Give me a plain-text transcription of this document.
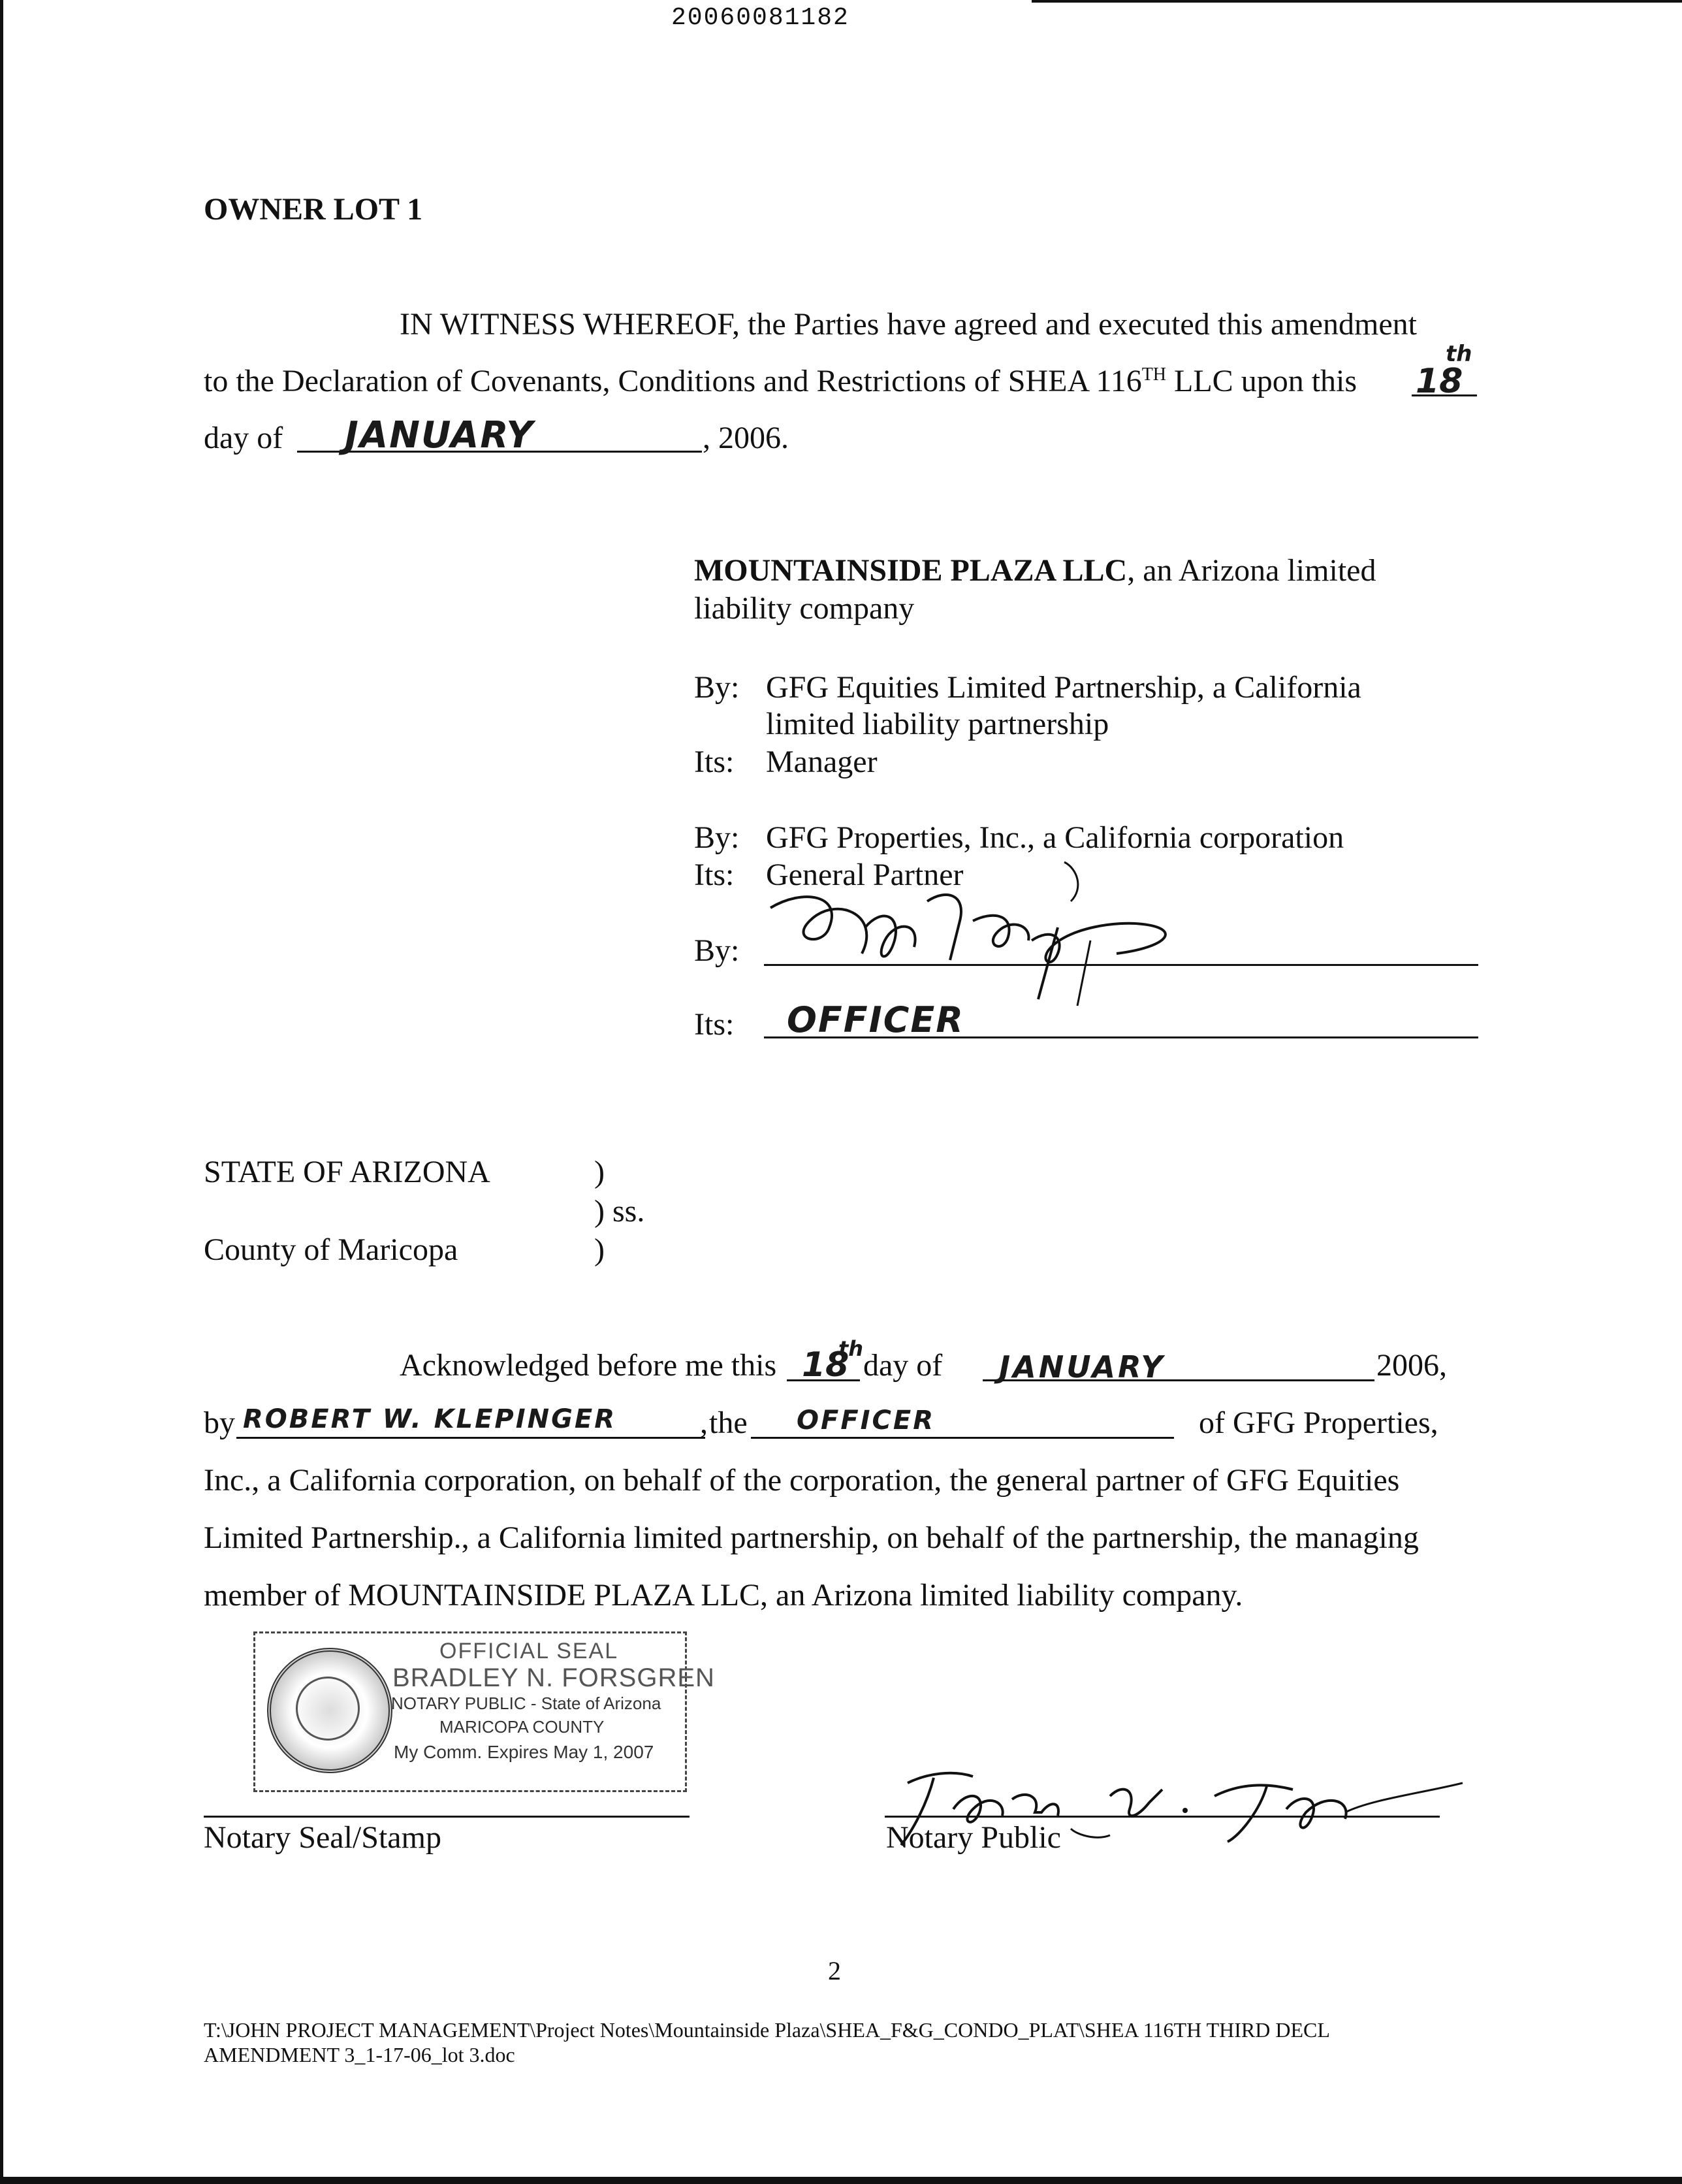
20060081182
OWNER LOT 1
IN WITNESS WHEREOF, the Parties have agreed and executed this amendment
to the Declaration of Covenants, Conditions and Restrictions of SHEA 116TH LLC upon this 18
th
day of JANUARY	, 2006.
MOUNTAINSIDE PLAZA LLC, an Arizona limited
liability company
By: GFG Equities Limited Partnership, a California
limited liability partnership
Its: Manager
By: GFG Properties, Inc., a California corporation
Its: General Partner
By:
Its: OFFICER
STATE OF ARIZONA	)
) ss.
County of Maricopa	)
Acknowledged before me this 18
th day of JANUARY	2006,
by ROBERT W. KLEPINGER	, the OFFICER	of GFG Properties,
Inc., a California corporation, on behalf of the corporation, the general partner of GFG Equities
Limited Partnership., a California limited partnership, on behalf of the partnership, the managing
member of MOUNTAINSIDE PLAZA LLC, an Arizona limited liability company.
OFFICIAL SEAL
BRADLEY N. FORSGREN
NOTARY PUBLIC - State of Arizona
MARICOPA COUNTY
My Comm. Expires May 1, 2007
Notary Seal/Stamp	Notary Public
2
T:\JOHN PROJECT MANAGEMENT\Project Notes\Mountainside Plaza\SHEA_F&G_CONDO_PLAT\SHEA 116TH THIRD DECL
AMENDMENT 3_1-17-06_lot 3.doc
